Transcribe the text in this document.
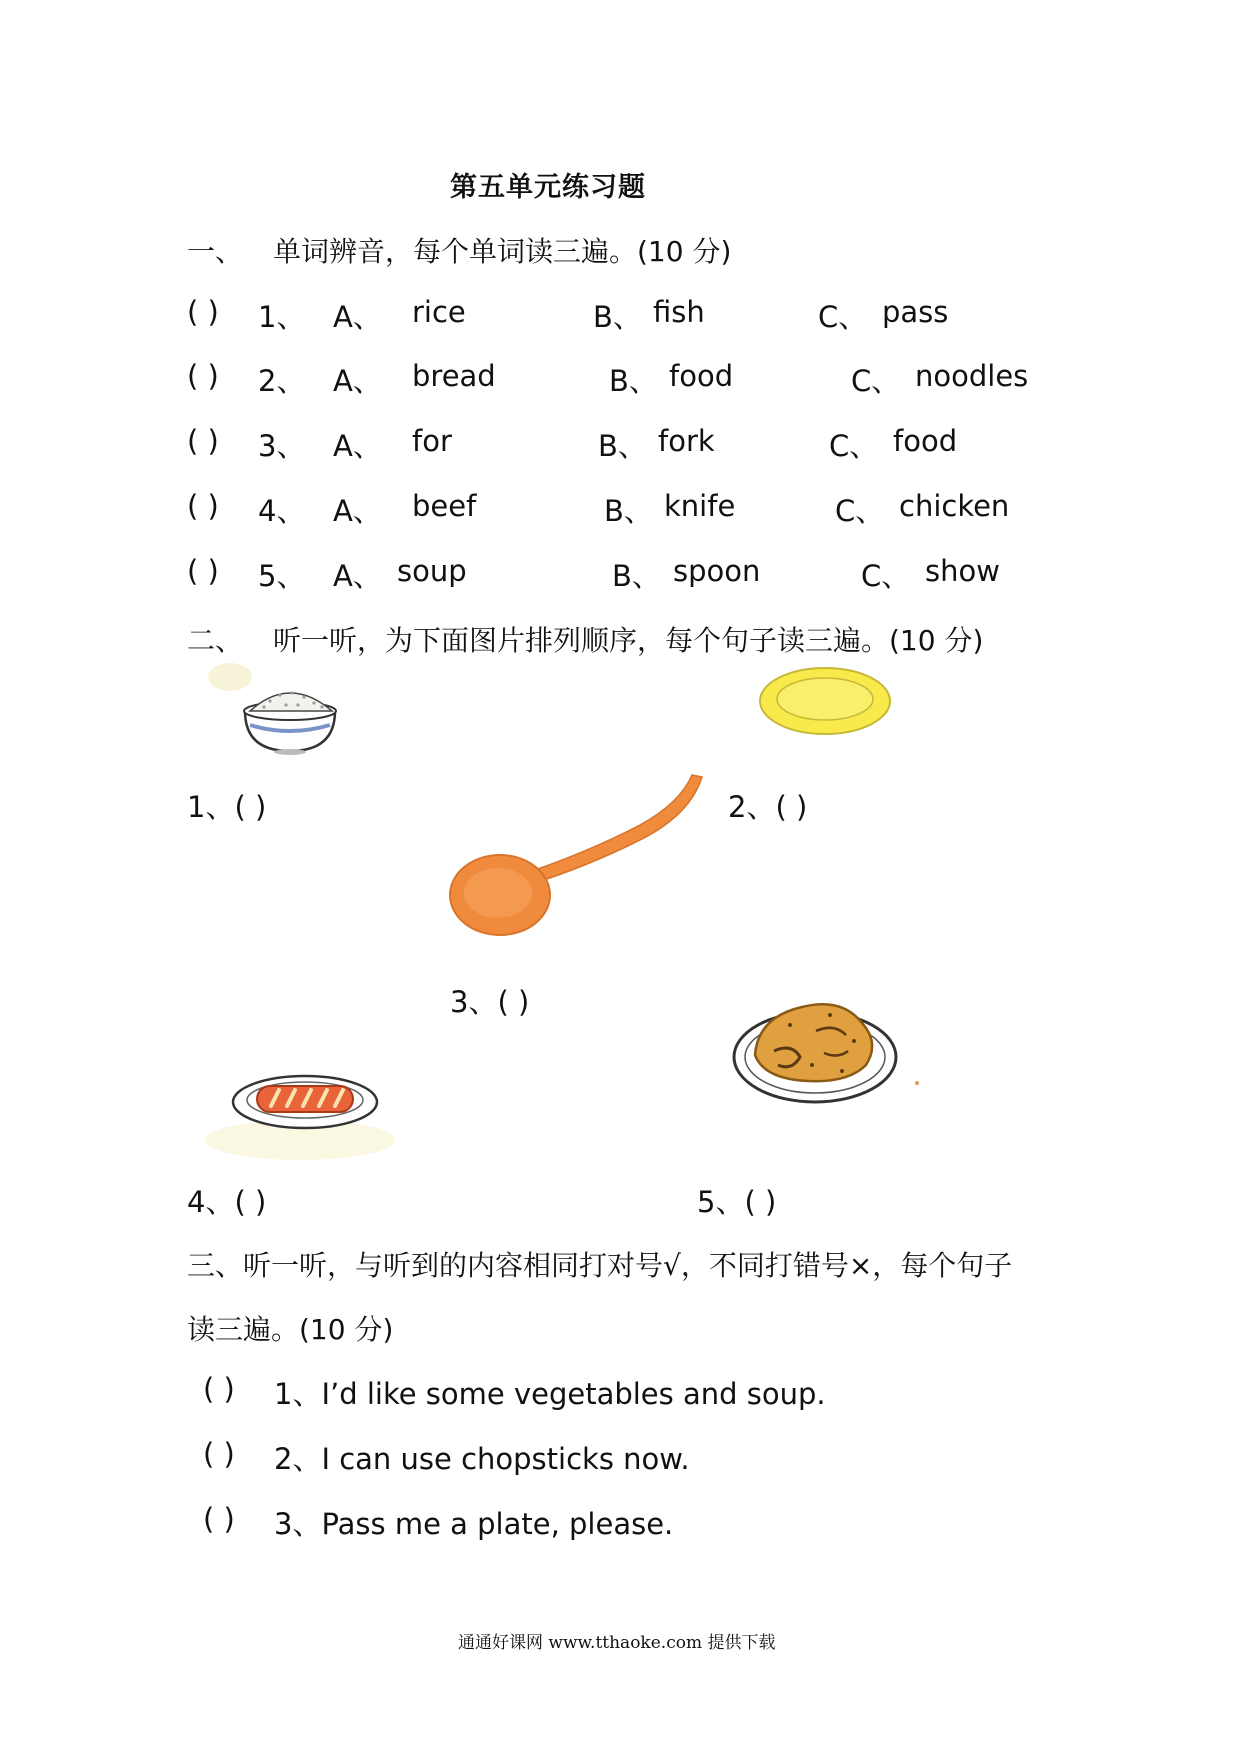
第五单元练习题
一、 单词辨音，每个单词读三遍。(10 分)
( ) 1、 A、 rice	B、 fish	C、 pass
( ) 2、 A、 bread	B、 food	C、 noodles
( ) 3、 A、 for	B、 fork	C、 food
( ) 4、 A、 beef	B、 knife	C、 chicken
( ) 5、 A、 soup	B、 spoon	C、 show
二、 听一听，为下面图片排列顺序，每个句子读三遍。(10 分)
1、( )	2、( )
3、( )
4、( )	5、( )
三、听一听，与听到的内容相同打对号√，不同打错号×，每个句子
读三遍。(10 分)
( ) 1、I’d like some vegetables and soup.
( ) 2、I can use chopsticks now.
( ) 3、Pass me a plate, please.
通通好课网 www.tthaoke.com 提供下载
